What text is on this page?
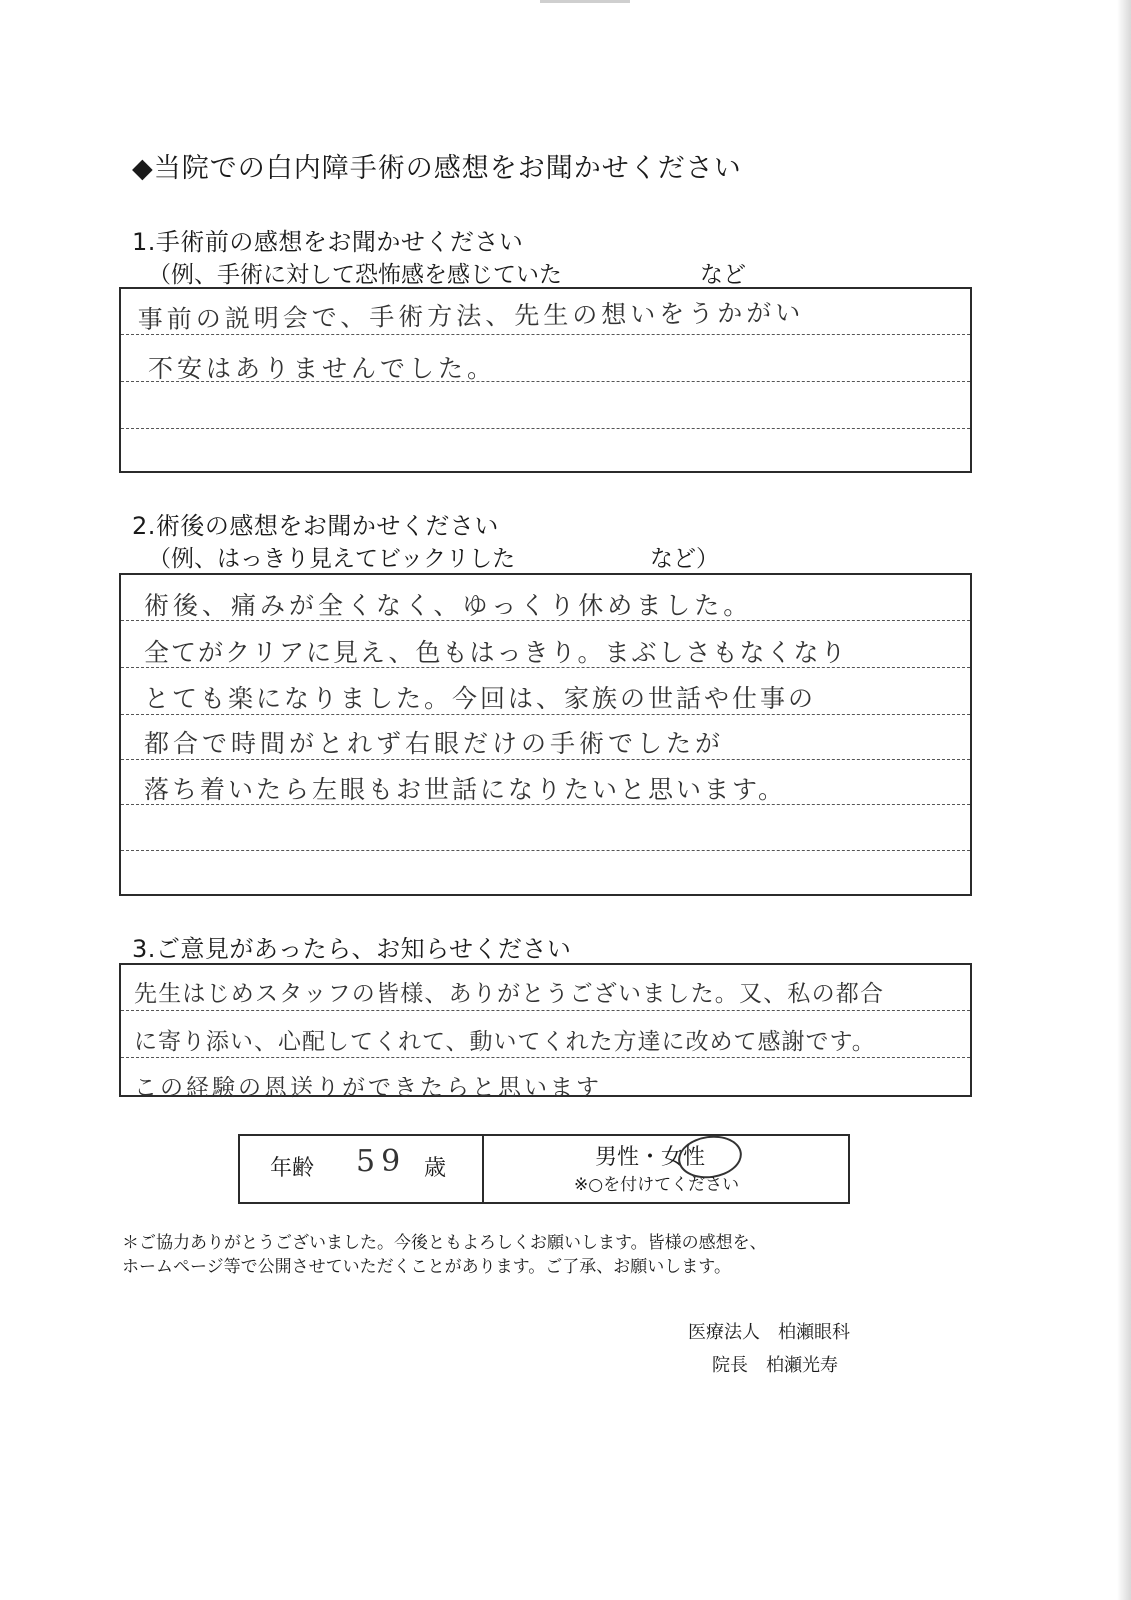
◆当院での白内障手術の感想をお聞かせください
1.手術前の感想をお聞かせください
（例、手術に対して恐怖感を感じていた	など
事前の説明会で、手術方法、先生の想いをうかがい
不安はありませんでした。
2.術後の感想をお聞かせください
（例、はっきり見えてビックリした	など）
術後、痛みが全くなく、ゆっくり休めました。
全てがクリアに見え、色もはっきり。まぶしさもなくなり
とても楽になりました。今回は、家族の世話や仕事の
都合で時間がとれず右眼だけの手術でしたが
落ち着いたら左眼もお世話になりたいと思います。
3.ご意見があったら、お知らせください
先生はじめスタッフの皆様、ありがとうございました。又、私の都合
に寄り添い、心配してくれて、動いてくれた方達に改めて感謝です。
この経験の恩送りができたらと思います
年齢 59 歳	男性・女性
※○を付けてください
＊ご協力ありがとうございました。今後ともよろしくお願いします。皆様の感想を、
ホームページ等で公開させていただくことがあります。ご了承、お願いします。
医療法人　柏瀬眼科
院長　柏瀬光寿
